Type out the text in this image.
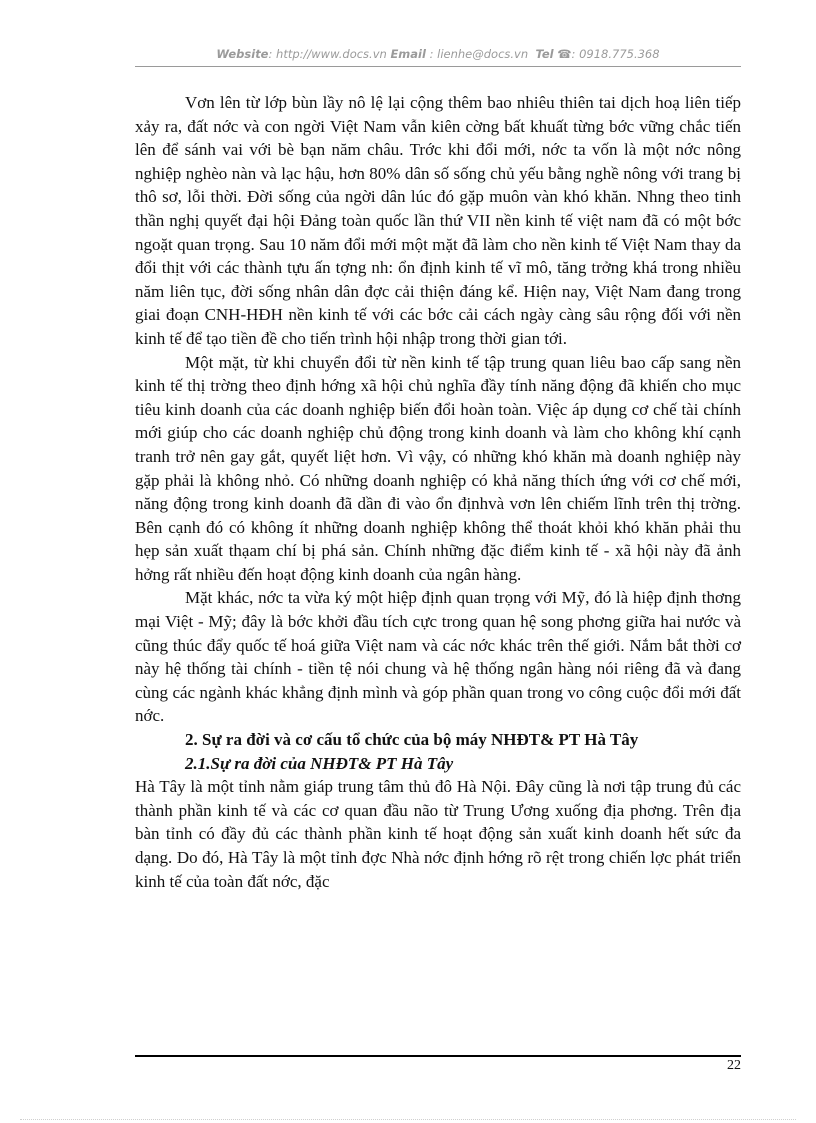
Website: http://www.docs.vn Email : lienhe@docs.vn Tel ☎: 0918.775.368

Vơn lên từ lớp bùn lầy nô lệ lại cộng thêm bao nhiêu thiên tai dịch hoạ liên tiếp xảy ra, đất nớc và con ngời Việt Nam vẫn kiên cờng bất khuất từng bớc vững chắc tiến lên để sánh vai với bè bạn năm châu. Trớc khi đổi mới, nớc ta vốn là một nớc nông nghiệp nghèo nàn và lạc hậu, hơn 80% dân số sống chủ yếu bằng nghề nông với trang bị thô sơ, lỗi thời. Đời sống của ngời dân lúc đó gặp muôn vàn khó khăn. Nhng theo tinh thần nghị quyết đại hội Đảng toàn quốc lần thứ VII nền kinh tế việt nam đã có một bớc ngoặt quan trọng. Sau 10 năm đổi mới một mặt đã làm cho nền kinh tế Việt Nam thay da đổi thịt với các thành tựu ấn tợng nh: ổn định kinh tế vĩ mô, tăng trởng khá trong nhiều năm liên tục, đời sống nhân dân đợc cải thiện đáng kể. Hiện nay, Việt Nam đang trong giai đoạn CNH-HĐH nền kinh tế với các bớc cải cách ngày càng sâu rộng đối với nền kinh tế để tạo tiền đề cho tiến trình hội nhập trong thời gian tới.

Một mặt, từ khi chuyển đổi từ nền kinh tế tập trung quan liêu bao cấp sang nền kinh tế thị trờng theo định hớng xã hội chủ nghĩa đầy tính năng động đã khiến cho mục tiêu kinh doanh của các doanh nghiệp biến đổi hoàn toàn. Việc áp dụng cơ chế tài chính mới giúp cho các doanh nghiệp chủ động trong kinh doanh và làm cho không khí cạnh tranh trở nên gay gắt, quyết liệt hơn. Vì vậy, có những khó khăn mà doanh nghiệp này gặp phải là không nhỏ. Có những doanh nghiệp có khả năng thích ứng với cơ chế mới, năng động trong kinh doanh đã dần đi vào ổn địnhvà vơn lên chiếm lĩnh trên thị trờng. Bên cạnh đó có không ít những doanh nghiệp không thể thoát khỏi khó khăn phải thu hẹp sản xuất thạam chí bị phá sản. Chính những đặc điểm kinh tế - xã hội này đã ảnh hởng rất nhiều đến hoạt động kinh doanh của ngân hàng.

Mặt khác, nớc ta vừa ký một hiệp định quan trọng với Mỹ, đó là hiệp định thơng mại Việt - Mỹ; đây là bớc khởi đầu tích cực trong quan hệ song phơng giữa hai nước và cũng thúc đẩy quốc tế hoá giữa Việt nam và các nớc khác trên thế giới. Nắm bắt thời cơ này hệ thống tài chính - tiền tệ nói chung và hệ thống ngân hàng nói riêng đã và đang cùng các ngành khác khẳng định mình và góp phần quan trong vo công cuộc đổi mới đất nớc.

2. Sự ra đời và cơ cấu tổ chức của bộ máy NHĐT& PT Hà Tây

2.1.Sự ra đời của NHĐT& PT Hà Tây

Hà Tây là một tỉnh nằm giáp trung tâm thủ đô Hà Nội. Đây cũng là nơi tập trung đủ các thành phần kinh tế và các cơ quan đầu não từ Trung Ương xuống địa phơng. Trên địa bàn tỉnh có đầy đủ các thành phần kinh tế hoạt động sản xuất kinh doanh hết sức đa dạng. Do đó, Hà Tây là một tỉnh đợc Nhà nớc định hớng rõ rệt trong chiến lợc phát triển kinh tế của toàn đất nớc, đặc

22
